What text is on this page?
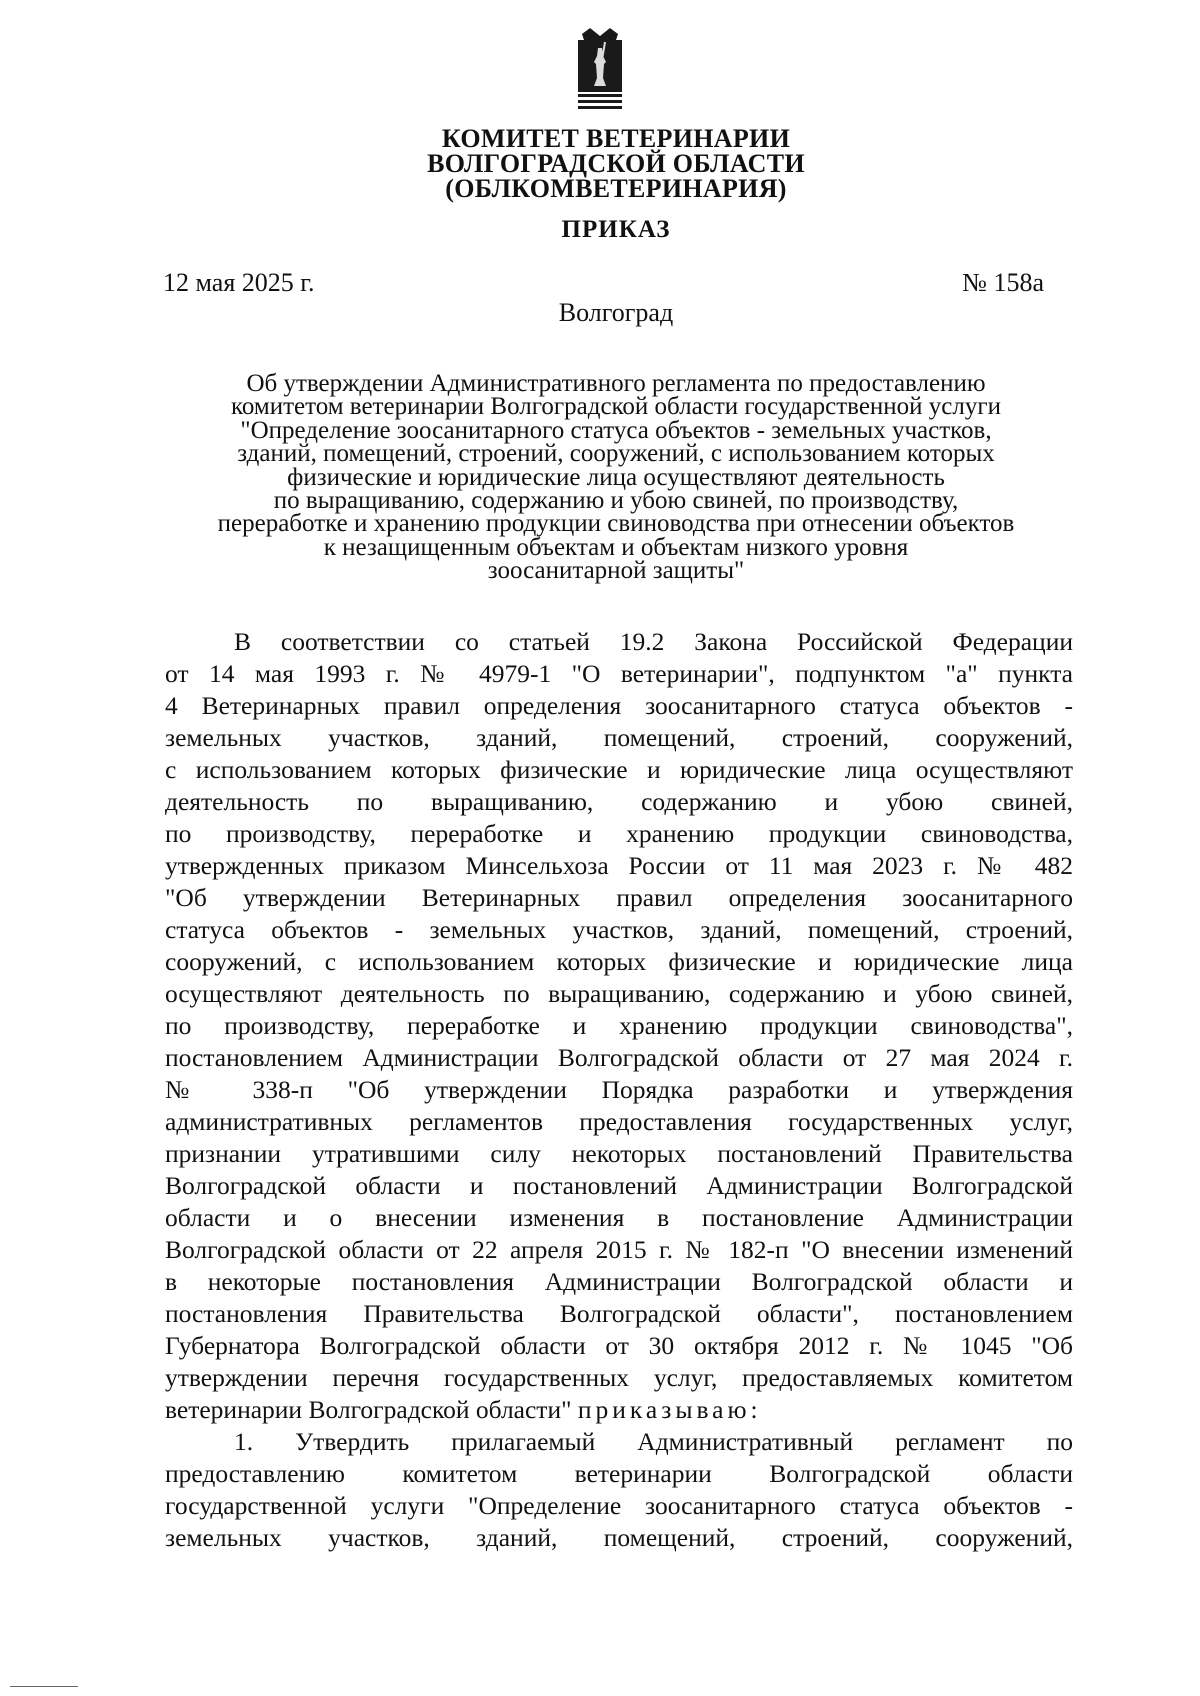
КОМИТЕТ ВЕТЕРИНАРИИ
ВОЛГОГРАДСКОЙ ОБЛАСТИ
(ОБЛКОМВЕТЕРИНАРИЯ)
ПРИКАЗ
12 мая 2025 г.	№ 158а
Волгоград
Об утверждении Административного регламента по предоставлению
комитетом ветеринарии Волгоградской области государственной услуги
"Определение зоосанитарного статуса объектов - земельных участков,
зданий, помещений, строений, сооружений, с использованием которых
физические и юридические лица осуществляют деятельность
по выращиванию, содержанию и убою свиней, по производству,
переработке и хранению продукции свиноводства при отнесении объектов
к незащищенным объектам и объектам низкого уровня
зоосанитарной защиты"
В соответствии со статьей 19.2 Закона Российской Федерации
от 14 мая 1993 г. № 4979-1 "О ветеринарии", подпунктом "а" пункта
4 Ветеринарных правил определения зоосанитарного статуса объектов -
земельных участков, зданий, помещений, строений, сооружений,
с использованием которых физические и юридические лица осуществляют
деятельность по выращиванию, содержанию и убою свиней,
по производству, переработке и хранению продукции свиноводства,
утвержденных приказом Минсельхоза России от 11 мая 2023 г. № 482
"Об утверждении Ветеринарных правил определения зоосанитарного
статуса объектов - земельных участков, зданий, помещений, строений,
сооружений, с использованием которых физические и юридические лица
осуществляют деятельность по выращиванию, содержанию и убою свиней,
по производству, переработке и хранению продукции свиноводства",
постановлением Администрации Волгоградской области от 27 мая 2024 г.
№ 338-п "Об утверждении Порядка разработки и утверждения
административных регламентов предоставления государственных услуг,
признании утратившими силу некоторых постановлений Правительства
Волгоградской области и постановлений Администрации Волгоградской
области и о внесении изменения в постановление Администрации
Волгоградской области от 22 апреля 2015 г. № 182-п "О внесении изменений
в некоторые постановления Администрации Волгоградской области и
постановления Правительства Волгоградской области", постановлением
Губернатора Волгоградской области от 30 октября 2012 г. № 1045 "Об
утверждении перечня государственных услуг, предоставляемых комитетом
ветеринарии Волгоградской области" приказываю:
1. Утвердить прилагаемый Административный регламент по
предоставлению комитетом ветеринарии Волгоградской области
государственной услуги "Определение зоосанитарного статуса объектов -
земельных участков, зданий, помещений, строений, сооружений,
